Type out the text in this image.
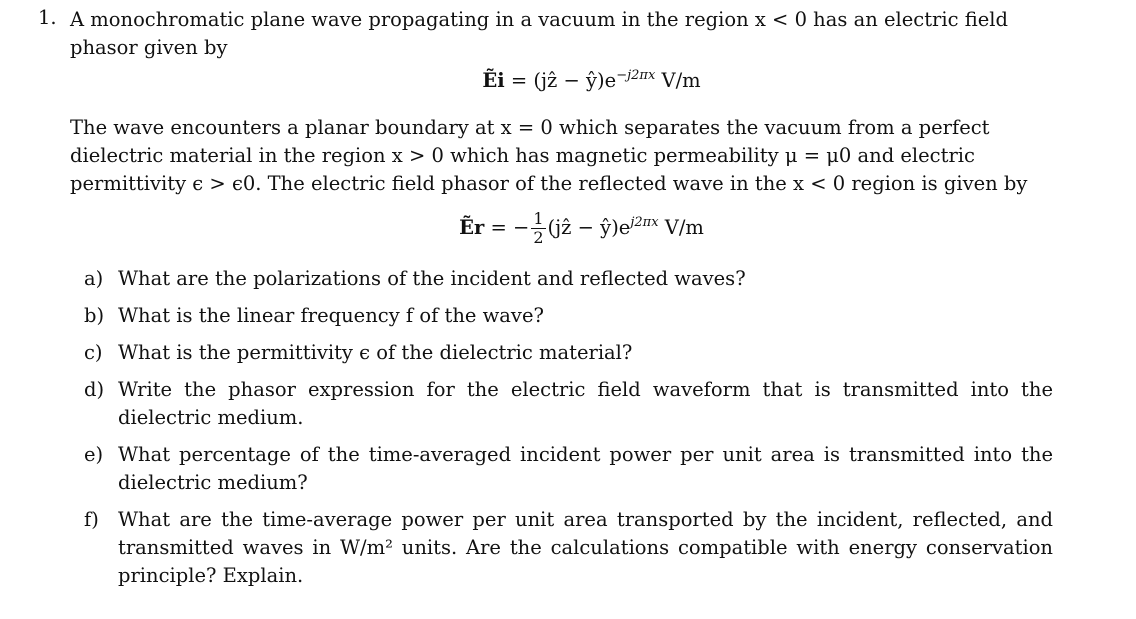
1. A monochromatic plane wave propagating in a vacuum in the region x < 0 has an electric field phasor given by

Ẽi = (jẑ − $ŷ)e^{-j2\pi x}$ V/m

The wave encounters a planar boundary at x = 0 which separates the vacuum from a perfect dielectric material in the region x > 0 which has magnetic permeability μ = μ0 and electric permittivity ϵ > ϵ0. The electric field phasor of the reflected wave in the x < 0 region is given by

Ẽr = − $\frac{1}{2}$ (jẑ − $ŷ)e^{j2\pi x}$ V/m
a) What are the polarizations of the incident and reflected waves?
b) What is the linear frequency f of the wave?
c) What is the permittivity ϵ of the dielectric material?
d) Write the phasor expression for the electric field waveform that is transmitted into the dielectric medium.
e) What percentage of the time-averaged incident power per unit area is transmitted into the dielectric medium?
f) What are the time-average power per unit area transported by the incident, reflected, and transmitted waves in W/m² units. Are the calculations compatible with energy conservation principle? Explain.
